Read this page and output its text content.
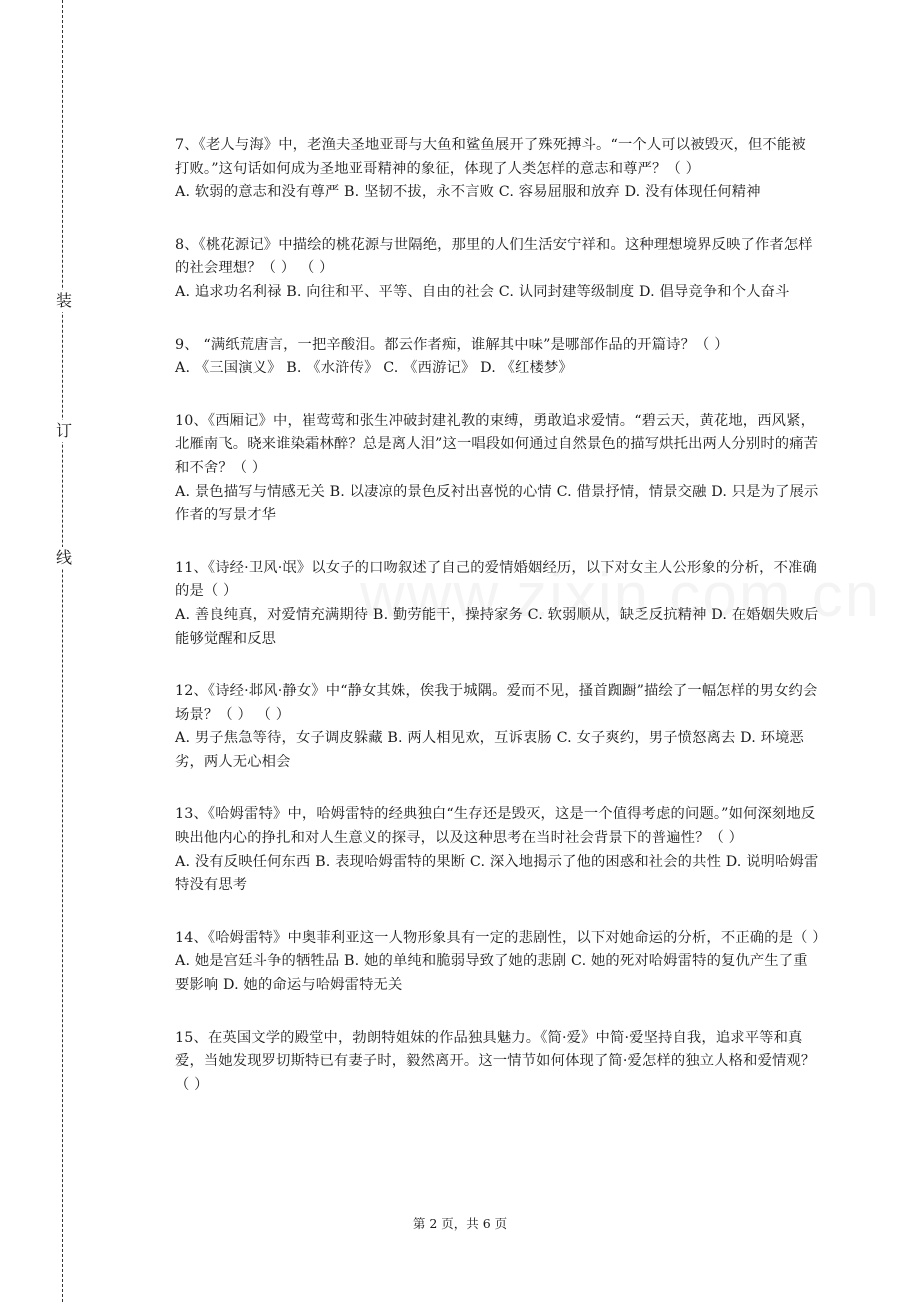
装
订
线
7、《老人与海》中，老渔夫圣地亚哥与大鱼和鲨鱼展开了殊死搏斗。“一个人可以被毁灭，但不能被打败。”这句话如何成为圣地亚哥精神的象征，体现了人类怎样的意志和尊严？（ ）
A. 软弱的意志和没有尊严 B. 坚韧不拔，永不言败 C. 容易屈服和放弃 D. 没有体现任何精神
8、《桃花源记》中描绘的桃花源与世隔绝，那里的人们生活安宁祥和。这种理想境界反映了作者怎样的社会理想？（ ） （ ）
A. 追求功名利禄 B. 向往和平、平等、自由的社会 C. 认同封建等级制度 D. 倡导竞争和个人奋斗
9、 “满纸荒唐言，一把辛酸泪。都云作者痴，谁解其中味”是哪部作品的开篇诗？（ ）
A. 《三国演义》 B. 《水浒传》 C. 《西游记》 D. 《红楼梦》
10、《西厢记》中，崔莺莺和张生冲破封建礼教的束缚，勇敢追求爱情。“碧云天，黄花地，西风紧，北雁南飞。晓来谁染霜林醉？总是离人泪”这一唱段如何通过自然景色的描写烘托出两人分别时的痛苦和不舍？（ ）
A. 景色描写与情感无关 B. 以凄凉的景色反衬出喜悦的心情 C. 借景抒情，情景交融 D. 只是为了展示作者的写景才华
11、《诗经·卫风·氓》以女子的口吻叙述了自己的爱情婚姻经历，以下对女主人公形象的分析，不准确的是（ ）
A. 善良纯真，对爱情充满期待 B. 勤劳能干，操持家务 C. 软弱顺从，缺乏反抗精神 D. 在婚姻失败后能够觉醒和反思
12、《诗经·邶风·静女》中“静女其姝，俟我于城隅。爱而不见，搔首踟蹰”描绘了一幅怎样的男女约会场景？（ ） （ ）
A. 男子焦急等待，女子调皮躲藏 B. 两人相见欢，互诉衷肠 C. 女子爽约，男子愤怒离去 D. 环境恶劣，两人无心相会
13、《哈姆雷特》中，哈姆雷特的经典独白“生存还是毁灭，这是一个值得考虑的问题。”如何深刻地反映出他内心的挣扎和对人生意义的探寻，以及这种思考在当时社会背景下的普遍性？（ ）
A. 没有反映任何东西 B. 表现哈姆雷特的果断 C. 深入地揭示了他的困惑和社会的共性 D. 说明哈姆雷特没有思考
14、《哈姆雷特》中奥菲利亚这一人物形象具有一定的悲剧性，以下对她命运的分析，不正确的是（ ）
A. 她是宫廷斗争的牺牲品 B. 她的单纯和脆弱导致了她的悲剧 C. 她的死对哈姆雷特的复仇产生了重要影响 D. 她的命运与哈姆雷特无关
15、在英国文学的殿堂中，勃朗特姐妹的作品独具魅力。《简·爱》中简·爱坚持自我，追求平等和真爱，当她发现罗切斯特已有妻子时，毅然离开。这一情节如何体现了简·爱怎样的独立人格和爱情观？（ ）
第 2 页，共 6 页
